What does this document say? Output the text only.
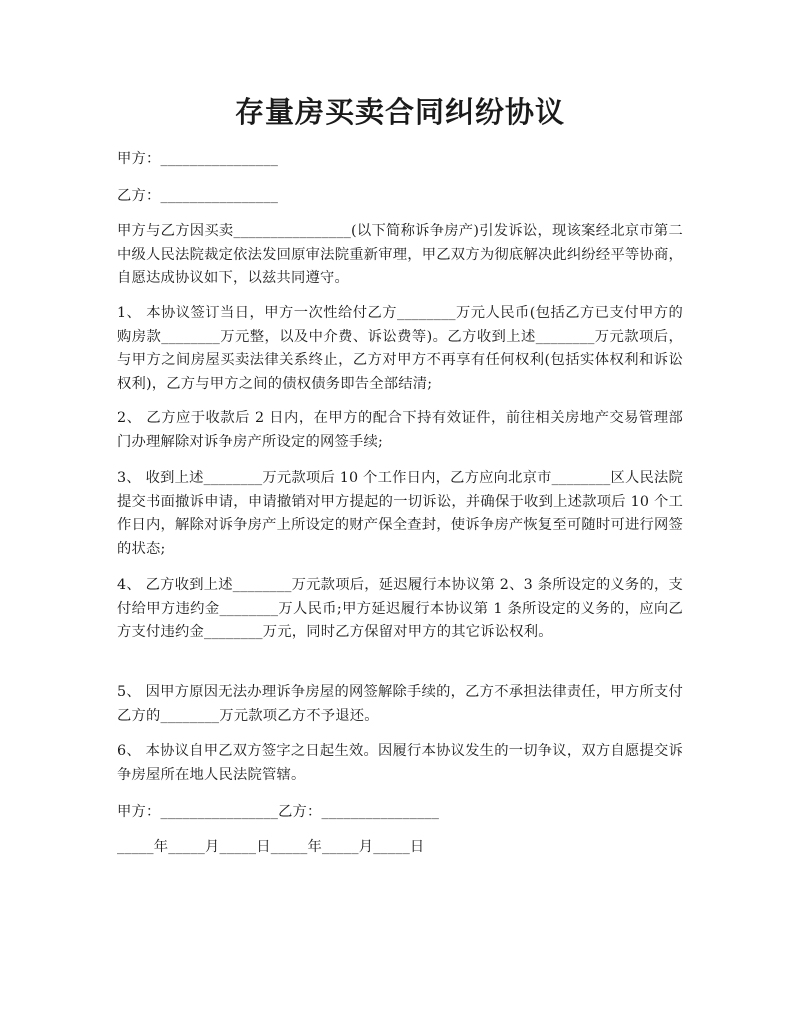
存量房买卖合同纠纷协议

甲方：________________

乙方：________________

甲方与乙方因买卖________________(以下简称诉争房产)引发诉讼，现该案经北京市第二中级人民法院裁定依法发回原审法院重新审理，甲乙双方为彻底解决此纠纷经平等协商，自愿达成协议如下，以兹共同遵守。

1、 本协议签订当日，甲方一次性给付乙方________万元人民币(包括乙方已支付甲方的购房款________万元整，以及中介费、诉讼费等)。乙方收到上述________万元款项后，与甲方之间房屋买卖法律关系终止，乙方对甲方不再享有任何权利(包括实体权利和诉讼权利)，乙方与甲方之间的债权债务即告全部结清;

2、 乙方应于收款后 2 日内，在甲方的配合下持有效证件，前往相关房地产交易管理部门办理解除对诉争房产所设定的网签手续;

3、 收到上述________万元款项后 10 个工作日内，乙方应向北京市________区人民法院提交书面撤诉申请，申请撤销对甲方提起的一切诉讼，并确保于收到上述款项后 10 个工作日内，解除对诉争房产上所设定的财产保全查封，使诉争房产恢复至可随时可进行网签的状态;

4、 乙方收到上述________万元款项后，延迟履行本协议第 2、3 条所设定的义务的，支付给甲方违约金________万人民币;甲方延迟履行本协议第 1 条所设定的义务的，应向乙方支付违约金________万元，同时乙方保留对甲方的其它诉讼权利。

5、 因甲方原因无法办理诉争房屋的网签解除手续的，乙方不承担法律责任，甲方所支付乙方的________万元款项乙方不予退还。

6、 本协议自甲乙双方签字之日起生效。因履行本协议发生的一切争议，双方自愿提交诉争房屋所在地人民法院管辖。

甲方：________________乙方：________________

_____年_____月_____日_____年_____月_____日
